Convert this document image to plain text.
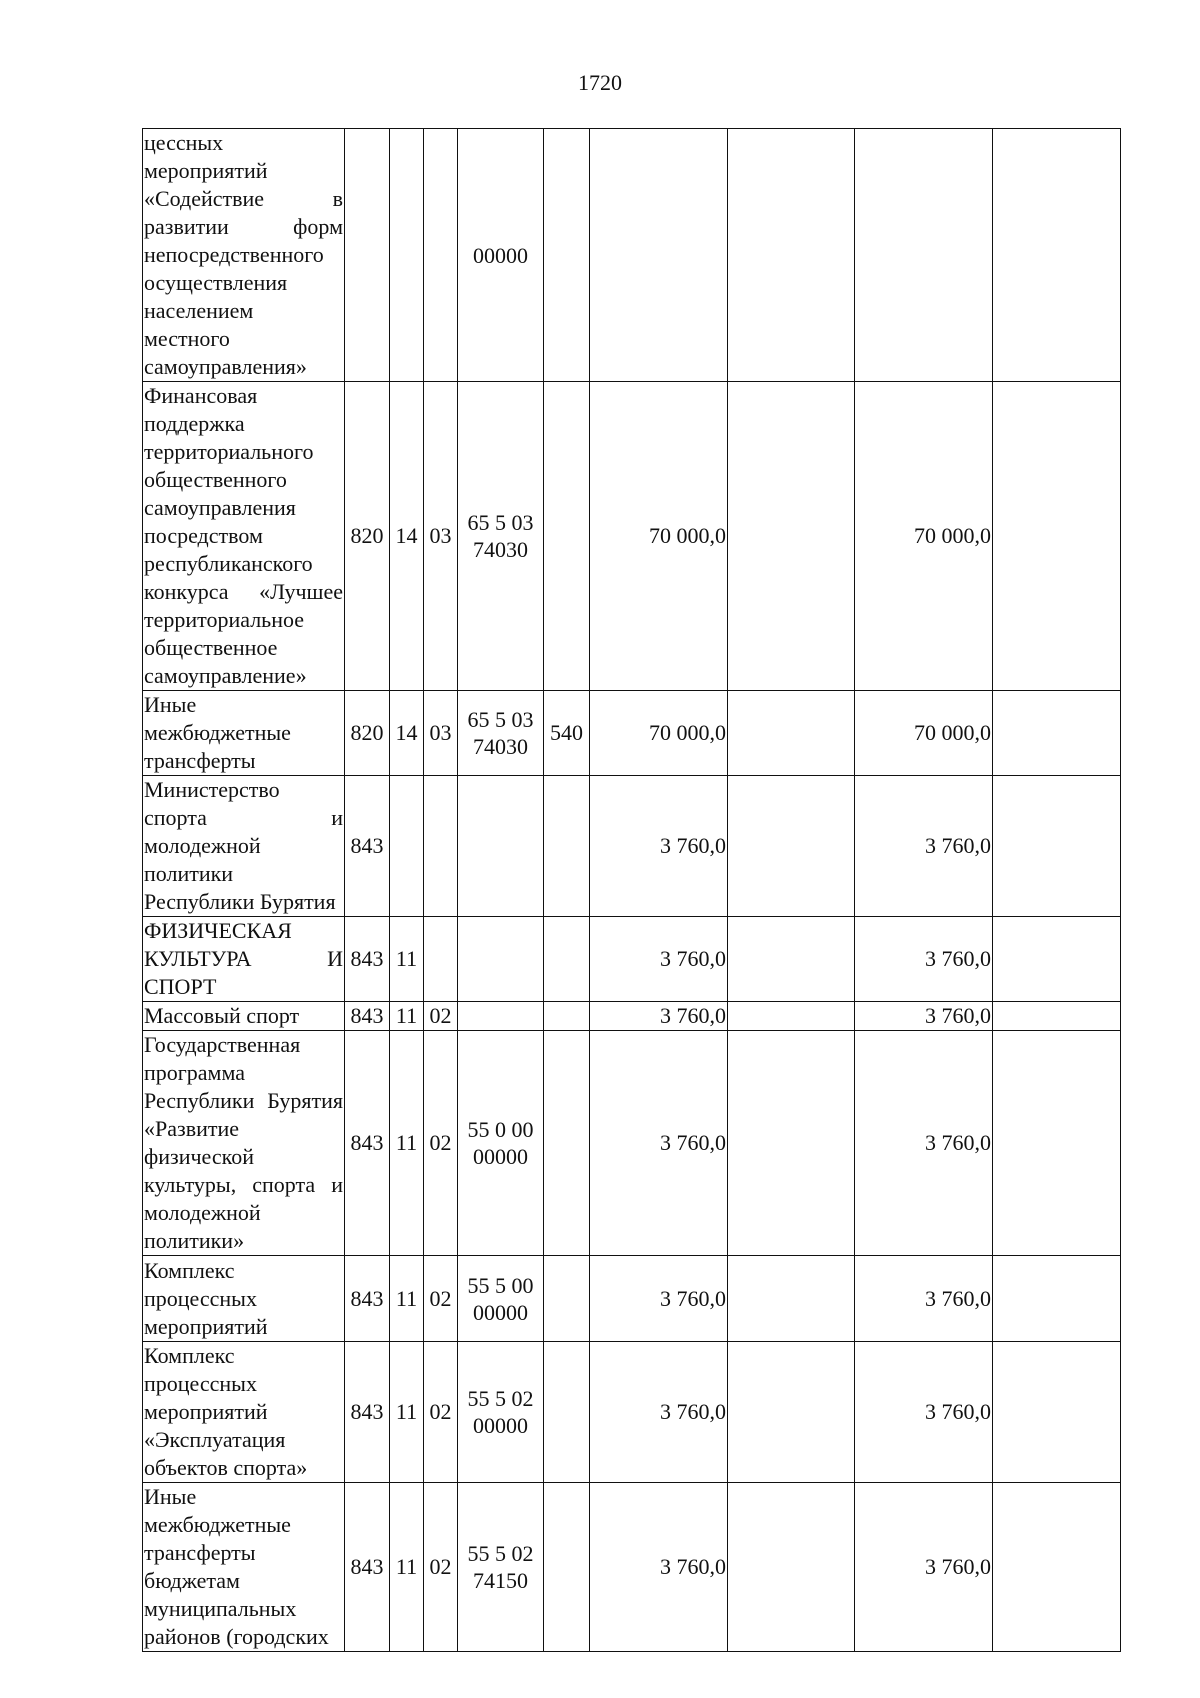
1720
цессных мероприятий «Содействие в развитии форм непосредственного осуществления населением местного самоуправления»				00000					
Финансовая поддержка территориального общественного самоуправления посредством республиканского конкурса «Лучшее территориальное общественное самоуправление»	820	14	03	65 5 03 74030		70 000,0		70 000,0	
Иные межбюджетные трансферты	820	14	03	65 5 03 74030	540	70 000,0		70 000,0	
Министерство спорта и молодежной политики Республики Бурятия	843					3 760,0		3 760,0	
ФИЗИЧЕСКАЯ КУЛЬТУРА И СПОРТ	843	11				3 760,0		3 760,0	
Массовый спорт	843	11	02			3 760,0		3 760,0	
Государственная программа Республики Бурятия «Развитие физической культуры, спорта и молодежной политики»	843	11	02	55 0 00 00000		3 760,0		3 760,0	
Комплекс процессных мероприятий	843	11	02	55 5 00 00000		3 760,0		3 760,0	
Комплекс процессных мероприятий «Эксплуатация объектов спорта»	843	11	02	55 5 02 00000		3 760,0		3 760,0	
Иные межбюджетные трансферты бюджетам муниципальных районов (городских	843	11	02	55 5 02 74150		3 760,0		3 760,0	
